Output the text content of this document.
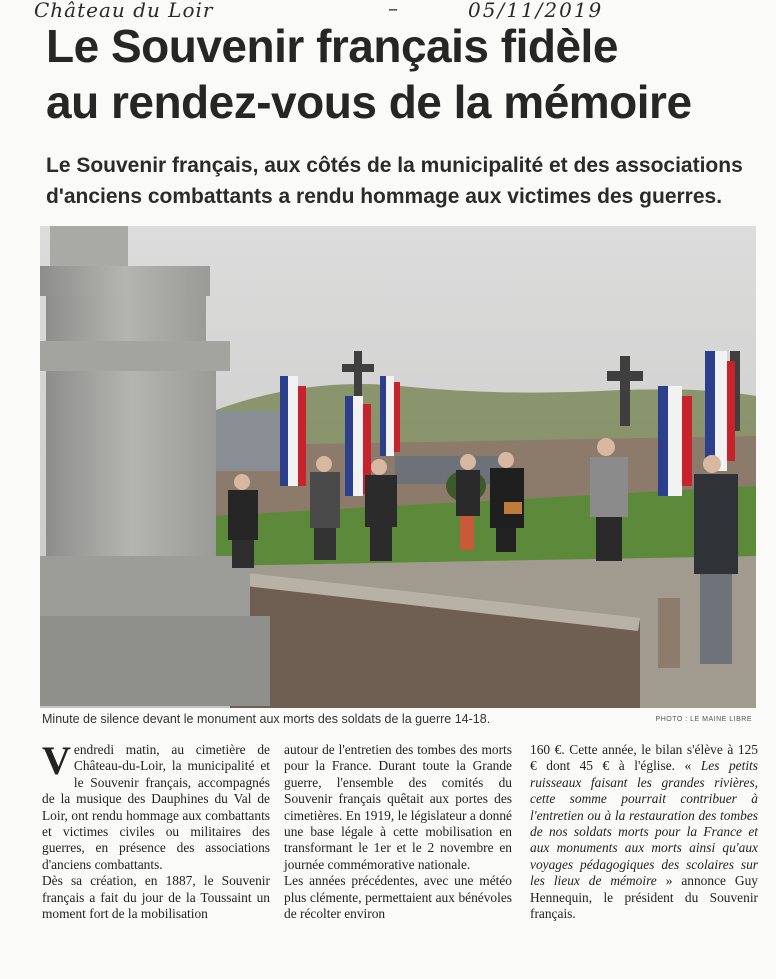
Château du Loir	–	05/11/2019
Le Souvenir français fidèle
au rendez-vous de la mémoire
Le Souvenir français, aux côtés de la municipalité et des associations
d'anciens combattants a rendu hommage aux victimes des guerres.
Minute de silence devant le monument aux morts des soldats de la guerre 14-18.	PHOTO : LE MAINE LIBRE

Vendredi matin, au cimetière de Château-du-Loir, la municipalité et le Souvenir français, accompagnés de la musique des Dauphines du Val de Loir, ont rendu hommage aux combattants et victimes civiles ou militaires des guerres, en présence des associations d'anciens combattants.

Dès sa création, en 1887, le Souvenir français a fait du jour de la Toussaint un moment fort de la mobilisation

autour de l'entretien des tombes des morts pour la France. Durant toute la Grande guerre, l'ensemble des comités du Souvenir français quêtait aux portes des cimetières. En 1919, le législateur a donné une base légale à cette mobilisation en transformant le 1er et le 2 novembre en journée commémorative nationale.

Les années précédentes, avec une météo plus clémente, permettaient aux bénévoles de récolter environ

160 €. Cette année, le bilan s'élève à 125 € dont 45 € à l'église. « Les petits ruisseaux faisant les grandes rivières, cette somme pourrait contribuer à l'entretien ou à la restauration des tombes de nos soldats morts pour la France et aux monuments aux morts ainsi qu'aux voyages pédagogiques des scolaires sur les lieux de mémoire » annonce Guy Hennequin, le président du Souvenir français.
